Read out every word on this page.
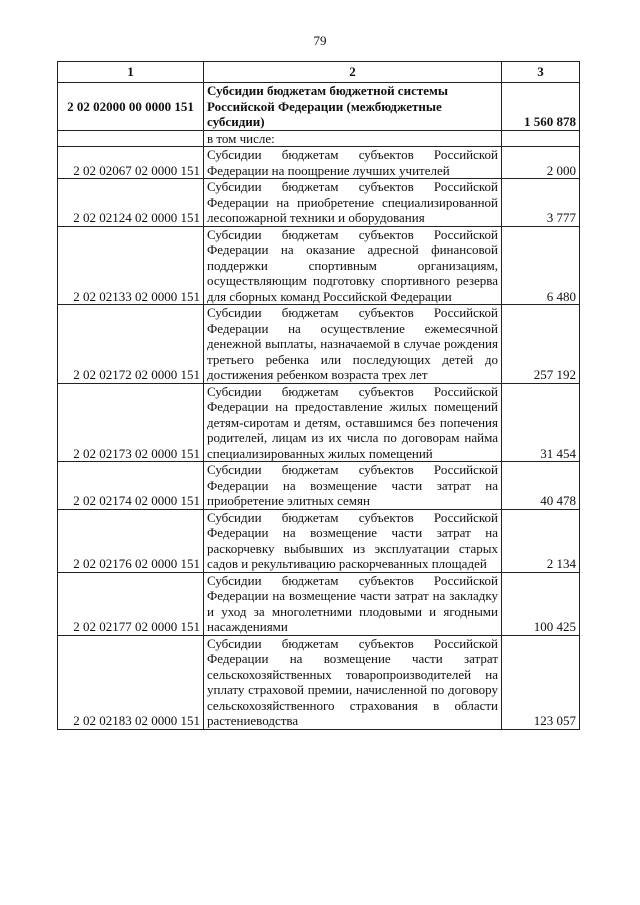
79
1	2	3
2 02 02000 00 0000 151	Субсидии бюджетам бюджетной системы Российской Федерации (межбюджетные субсидии)	1 560 878
	в том числе:	
2 02 02067 02 0000 151	Субсидии бюджетам субъектов Российской Федерации на поощрение лучших учителей	2 000
2 02 02124 02 0000 151	Субсидии бюджетам субъектов Российской Федерации на приобретение специализированной лесопожарной техники и оборудования	3 777
2 02 02133 02 0000 151	Субсидии бюджетам субъектов Российской Федерации на оказание адресной финансовой поддержки спортивным организациям, осуществляющим подготовку спортивного резерва для сборных команд Российской Федерации	6 480
2 02 02172 02 0000 151	Субсидии бюджетам субъектов Российской Федерации на осуществление ежемесячной денежной выплаты, назначаемой в случае рождения третьего ребенка или последующих детей до достижения ребенком возраста трех лет	257 192
2 02 02173 02 0000 151	Субсидии бюджетам субъектов Российской Федерации на предоставление жилых помещений детям-сиротам и детям, оставшимся без попечения родителей, лицам из их числа по договорам найма специализированных жилых помещений	31 454
2 02 02174 02 0000 151	Субсидии бюджетам субъектов Российской Федерации на возмещение части затрат на приобретение элитных семян	40 478
2 02 02176 02 0000 151	Субсидии бюджетам субъектов Российской Федерации на возмещение части затрат на раскорчевку выбывших из эксплуатации старых садов и рекультивацию раскорчеванных площадей	2 134
2 02 02177 02 0000 151	Субсидии бюджетам субъектов Российской Федерации на возмещение части затрат на закладку и уход за многолетними плодовыми и ягодными насаждениями	100 425
2 02 02183 02 0000 151	Субсидии бюджетам субъектов Российской Федерации на возмещение части затрат сельскохозяйственных товаропроизводителей на уплату страховой премии, начисленной по договору сельскохозяйственного страхования в области растениеводства	123 057
